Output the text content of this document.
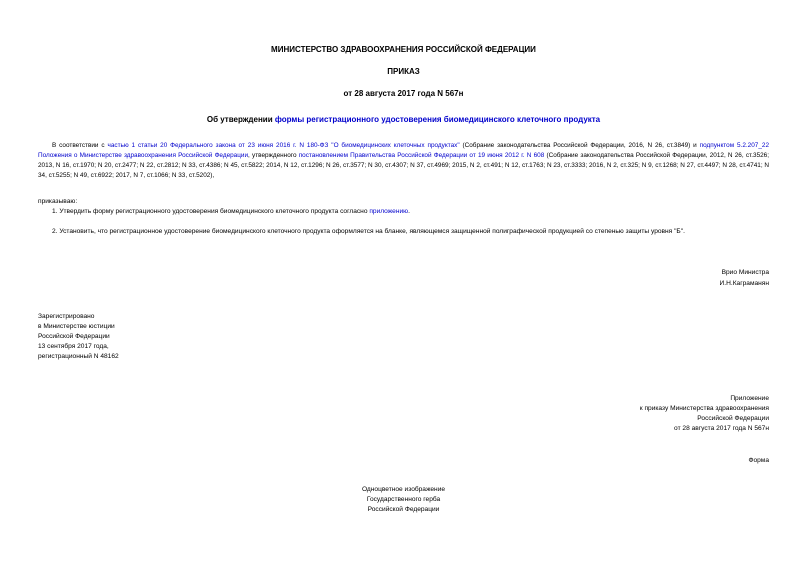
МИНИСТЕРСТВО ЗДРАВООХРАНЕНИЯ РОССИЙСКОЙ ФЕДЕРАЦИИ
ПРИКАЗ
от 28 августа 2017 года N 567н
Об утверждении формы регистрационного удостоверения биомедицинского клеточного продукта
В соответствии с частью 1 статьи 20 Федерального закона от 23 июня 2016 г. N 180-ФЗ "О биомедицинских клеточных продуктах" (Собрание законодательства Российской Федерации, 2016, N 26, ст.3849) и подпунктом 5.2.207_22 Положения о Министерстве здравоохранения Российской Федерации, утвержденного постановлением Правительства Российской Федерации от 19 июня 2012 г. N 608 (Собрание законодательства Российской Федерации, 2012, N 26, ст.3526; 2013, N 16, ст.1970; N 20, ст.2477; N 22, ст.2812; N 33, ст.4386; N 45, ст.5822; 2014, N 12, ст.1296; N 26, ст.3577; N 30, ст.4307; N 37, ст.4969; 2015, N 2, ст.491; N 12, ст.1763; N 23, ст.3333; 2016, N 2, ст.325; N 9, ст.1268; N 27, ст.4497; N 28, ст.4741; N 34, ст.5255; N 49, ст.6922; 2017, N 7, ст.1066; N 33, ст.5202),
приказываю:
1. Утвердить форму регистрационного удостоверения биомедицинского клеточного продукта согласно приложению.
2. Установить, что регистрационное удостоверение биомедицинского клеточного продукта оформляется на бланке, являющемся защищенной полиграфической продукцией со степенью защиты уровня "Б".
Врио Министра
И.Н.Каграманян
Зарегистрировано
в Министерстве юстиции
Российской Федерации
13 сентября 2017 года,
регистрационный N 48162
Приложение
к приказу Министерства здравоохранения
Российской Федерации
от 28 августа 2017 года N 567н
Форма
Одноцветное изображение
Государственного герба
Российской Федерации
